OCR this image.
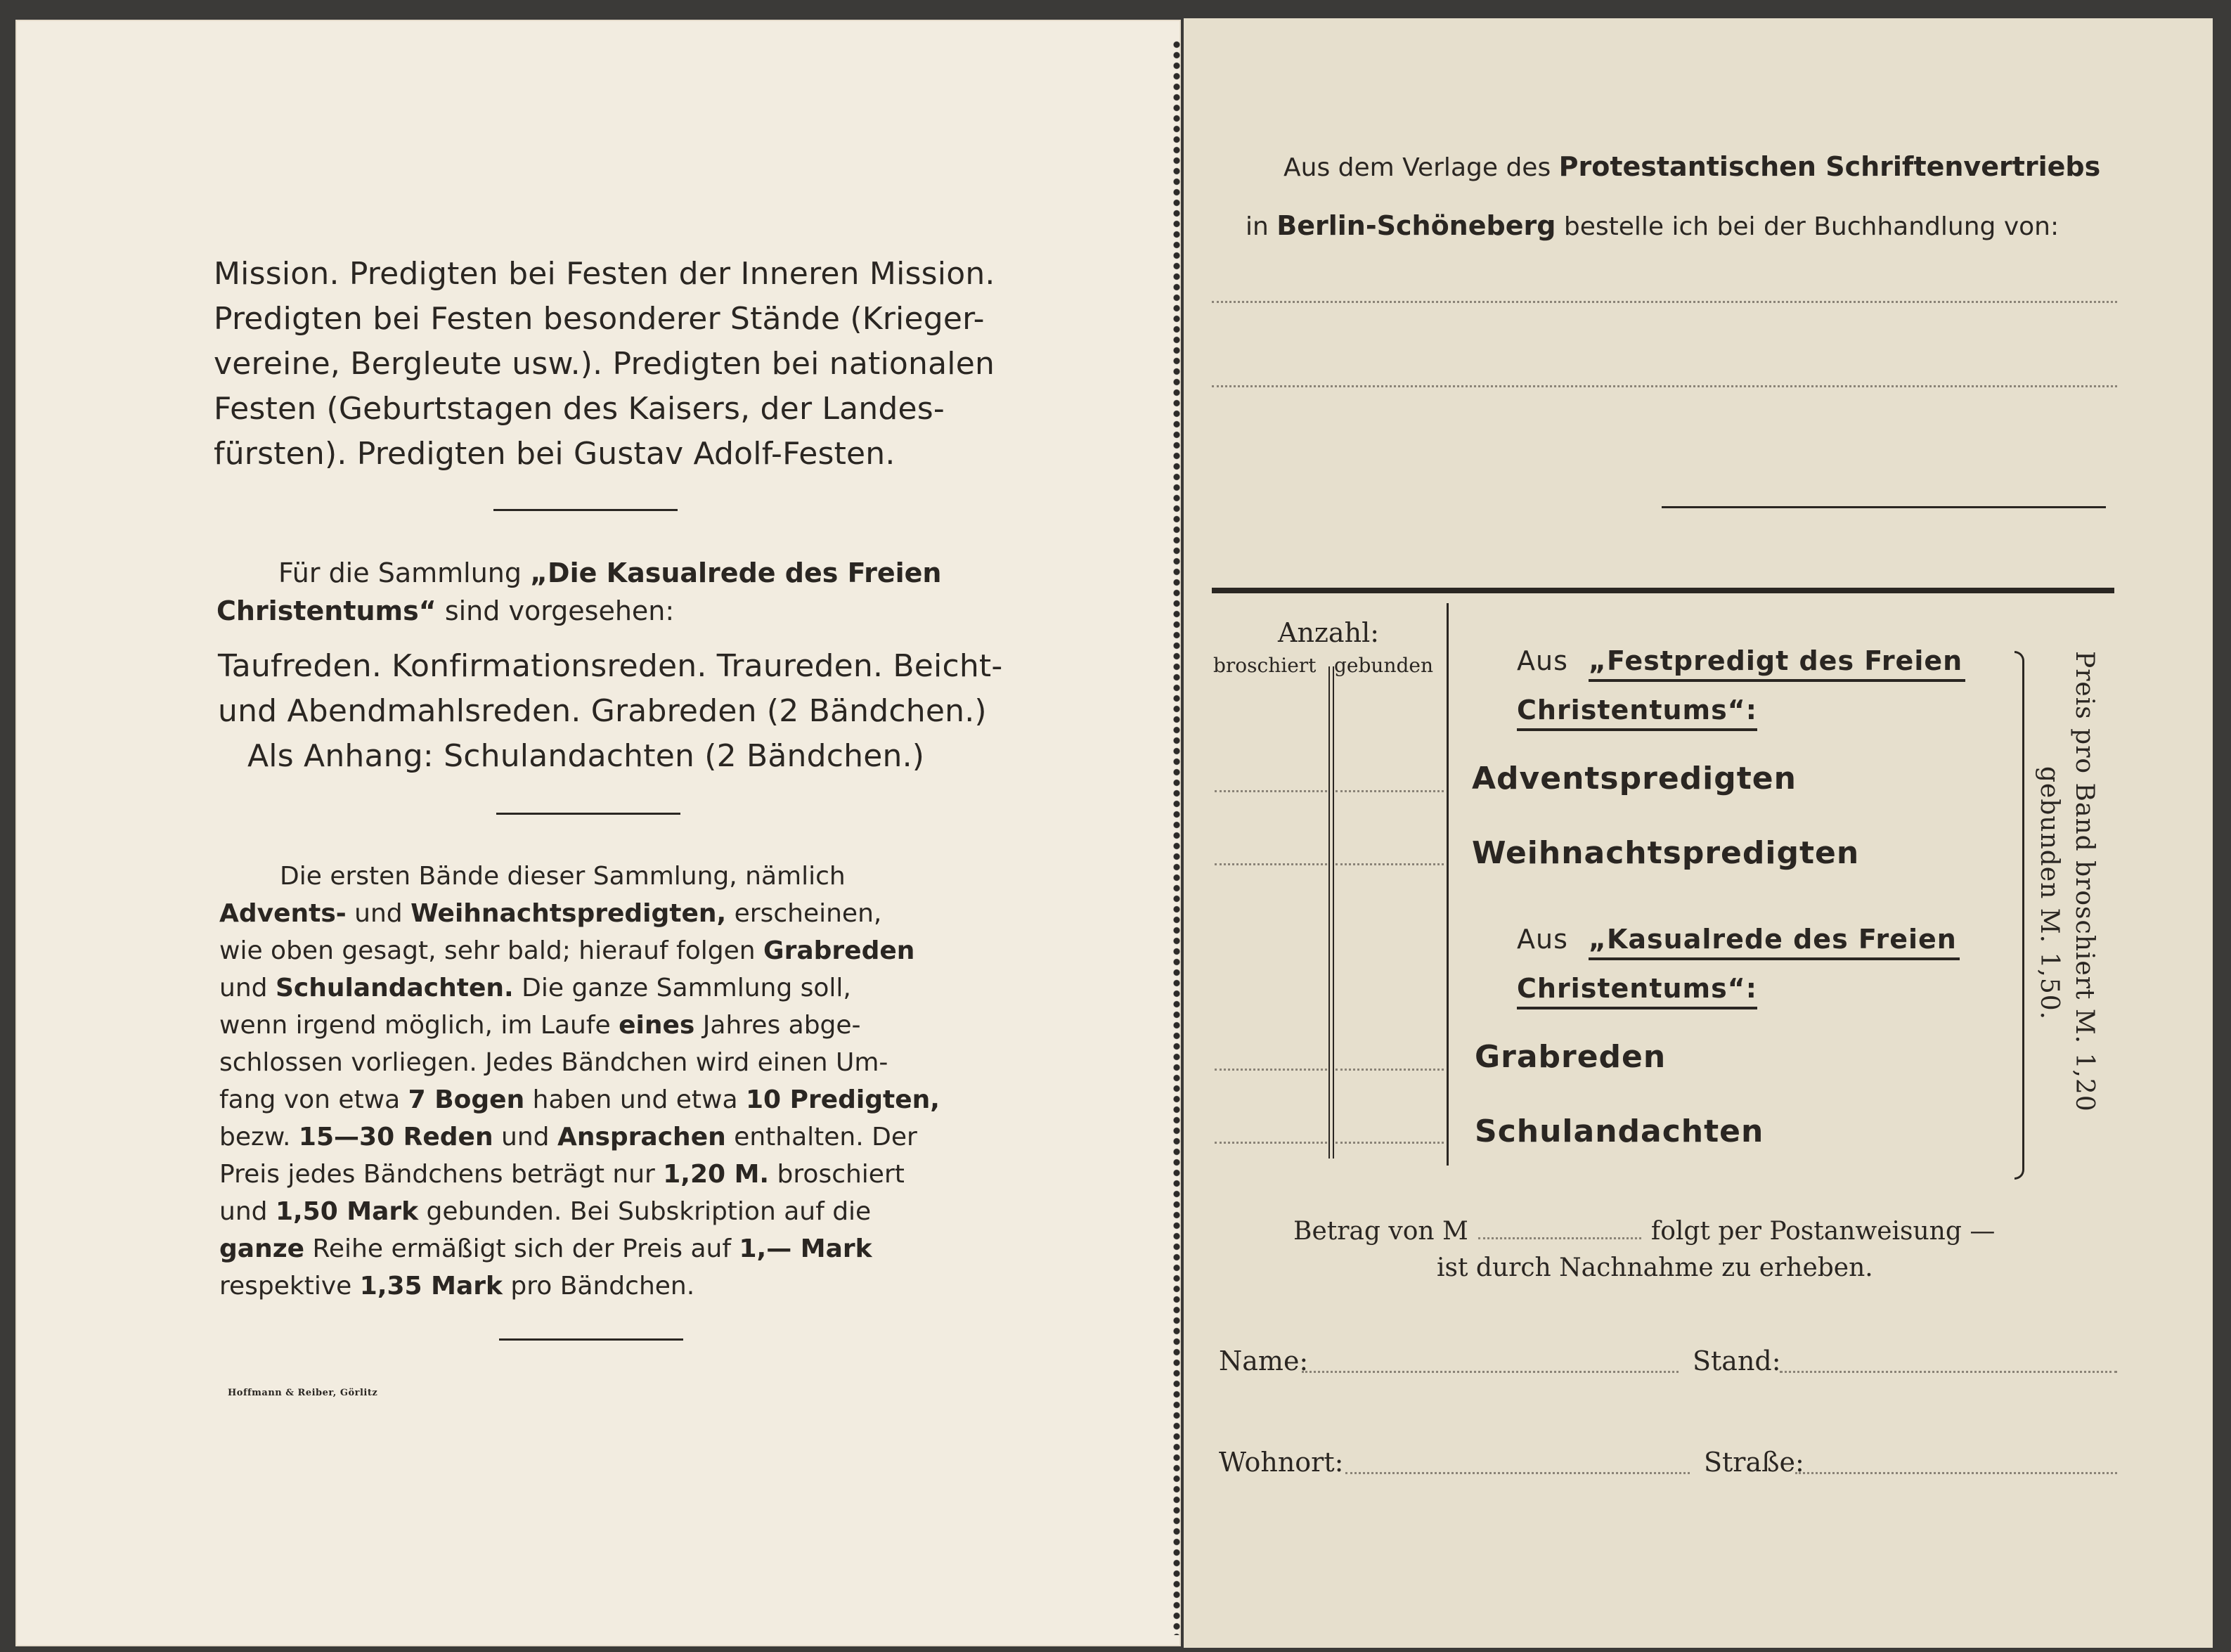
Mission. Predigten bei Festen der Inneren Mission.
Predigten bei Festen besonderer Stände (Krieger-
vereine, Bergleute usw.). Predigten bei nationalen
Festen (Geburtstagen des Kaisers, der Landes-
fürsten). Predigten bei Gustav Adolf-Festen.
Für die Sammlung „Die Kasualrede des Freien
Christentums“ sind vorgesehen:
Taufreden. Konfirmationsreden. Traureden. Beicht-
und Abendmahlsreden. Grabreden (2 Bändchen.)
Als Anhang: Schulandachten (2 Bändchen.)
Die ersten Bände dieser Sammlung, nämlich
Advents- und Weihnachtspredigten, erscheinen,
wie oben gesagt, sehr bald; hierauf folgen Grabreden
und Schulandachten. Die ganze Sammlung soll,
wenn irgend möglich, im Laufe eines Jahres abge-
schlossen vorliegen. Jedes Bändchen wird einen Um-
fang von etwa 7 Bogen haben und etwa 10 Predigten,
bezw. 15—30 Reden und Ansprachen enthalten. Der
Preis jedes Bändchens beträgt nur 1,20 M. broschiert
und 1,50 Mark gebunden. Bei Subskription auf die
ganze Reihe ermäßigt sich der Preis auf 1,— Mark
respektive 1,35 Mark pro Bändchen.
Hoffmann & Reiber, Görlitz
Aus dem Verlage des Protestantischen Schriftenvertriebs
in Berlin-Schöneberg bestelle ich bei der Buchhandlung von:
Anzahl:
broschiert gebunden	Aus „Festpredigt des Freien
Christentums“:
Adventspredigten
Weihnachtspredigten
Aus „Kasualrede des Freien
Christentums“:
Grabreden
Schulandachten
Preis pro Band broschiert M. 1,20
gebunden M. 1,50.
Betrag von M	folgt per Postanweisung —
ist durch Nachnahme zu erheben.
Name:	Stand:
Wohnort:	Straße:
